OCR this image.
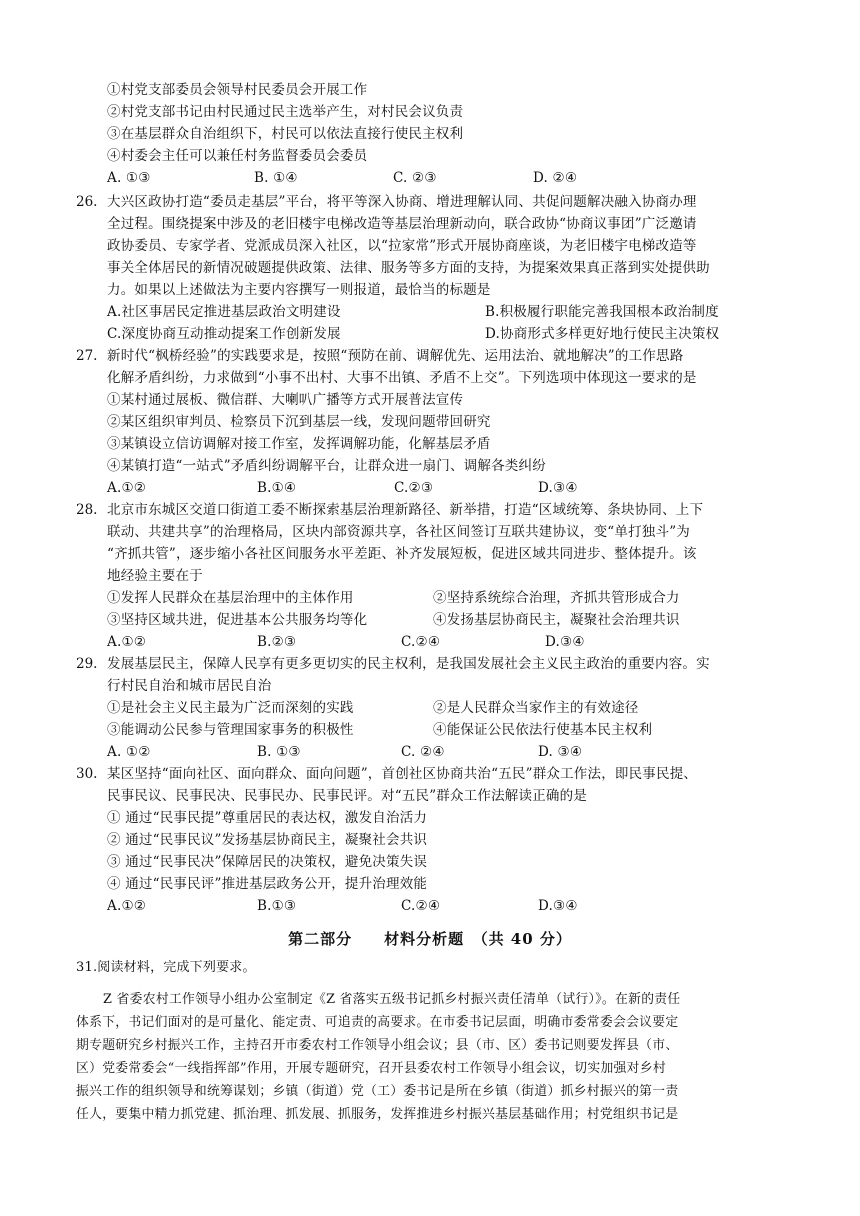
①村党支部委员会领导村民委员会开展工作
②村党支部书记由村民通过民主选举产生，对村民会议负责
③在基层群众自治组织下，村民可以依法直接行使民主权利
④村委会主任可以兼任村务监督委员会委员
A. ①③	B. ①④	C. ②③	D. ②④
26. 大兴区政协打造“委员走基层”平台，将平等深入协商、增进理解认同、共促问题解决融入协商办理
全过程。围绕提案中涉及的老旧楼宇电梯改造等基层治理新动向，联合政协“协商议事团”广泛邀请
政协委员、专家学者、党派成员深入社区，以“拉家常”形式开展协商座谈，为老旧楼宇电梯改造等
事关全体居民的新情况破题提供政策、法律、服务等多方面的支持，为提案效果真正落到实处提供助
力。如果以上述做法为主要内容撰写一则报道，最恰当的标题是
A.社区事居民定推进基层政治文明建设	B.积极履行职能完善我国根本政治制度
C.深度协商互动推动提案工作创新发展	D.协商形式多样更好地行使民主决策权
27. 新时代“枫桥经验”的实践要求是，按照“预防在前、调解优先、运用法治、就地解决”的工作思路
化解矛盾纠纷，力求做到“小事不出村、大事不出镇、矛盾不上交”。下列选项中体现这一要求的是
①某村通过展板、微信群、大喇叭广播等方式开展普法宣传
②某区组织审判员、检察员下沉到基层一线，发现问题带回研究
③某镇设立信访调解对接工作室，发挥调解功能，化解基层矛盾
④某镇打造“一站式”矛盾纠纷调解平台，让群众进一扇门、调解各类纠纷
A.①②	B.①④	C.②③	D.③④
28. 北京市东城区交道口街道工委不断探索基层治理新路径、新举措，打造“区域统筹、条块协同、上下
联动、共建共享”的治理格局，区块内部资源共享，各社区间签订互联共建协议，变“单打独斗”为
“齐抓共管”，逐步缩小各社区间服务水平差距、补齐发展短板，促进区域共同进步、整体提升。该
地经验主要在于
①发挥人民群众在基层治理中的主体作用	②坚持系统综合治理，齐抓共管形成合力
③坚持区域共进，促进基本公共服务均等化	④发扬基层协商民主，凝聚社会治理共识
A.①②	B.②③	C.②④	D.③④
29. 发展基层民主，保障人民享有更多更切实的民主权利，是我国发展社会主义民主政治的重要内容。实
行村民自治和城市居民自治
①是社会主义民主最为广泛而深刻的实践	②是人民群众当家作主的有效途径
③能调动公民参与管理国家事务的积极性	④能保证公民依法行使基本民主权利
A. ①②	B. ①③	C. ②④	D. ③④
30. 某区坚持“面向社区、面向群众、面向问题”，首创社区协商共治“五民”群众工作法，即民事民提、
民事民议、民事民决、民事民办、民事民评。对“五民”群众工作法解读正确的是
① 通过“民事民提”尊重居民的表达权，激发自治活力
② 通过“民事民议”发扬基层协商民主，凝聚社会共识
③ 通过“民事民决”保障居民的决策权，避免决策失误
④ 通过“民事民评”推进基层政务公开，提升治理效能
A.①②	B.①③	C.②④	D.③④
第二部分　　材料分析题　（共 40 分）
31.阅读材料，完成下列要求。
Z 省委农村工作领导小组办公室制定《Z 省落实五级书记抓乡村振兴责任清单（试行）》。在新的责任
体系下，书记们面对的是可量化、能定责、可追责的高要求。在市委书记层面，明确市委常委会会议要定
期专题研究乡村振兴工作，主持召开市委农村工作领导小组会议；县（市、区）委书记则要发挥县（市、
区）党委常委会“一线指挥部”作用，开展专题研究，召开县委农村工作领导小组会议，切实加强对乡村
振兴工作的组织领导和统筹谋划；乡镇（街道）党（工）委书记是所在乡镇（街道）抓乡村振兴的第一责
任人，要集中精力抓党建、抓治理、抓发展、抓服务，发挥推进乡村振兴基层基础作用；村党组织书记是
